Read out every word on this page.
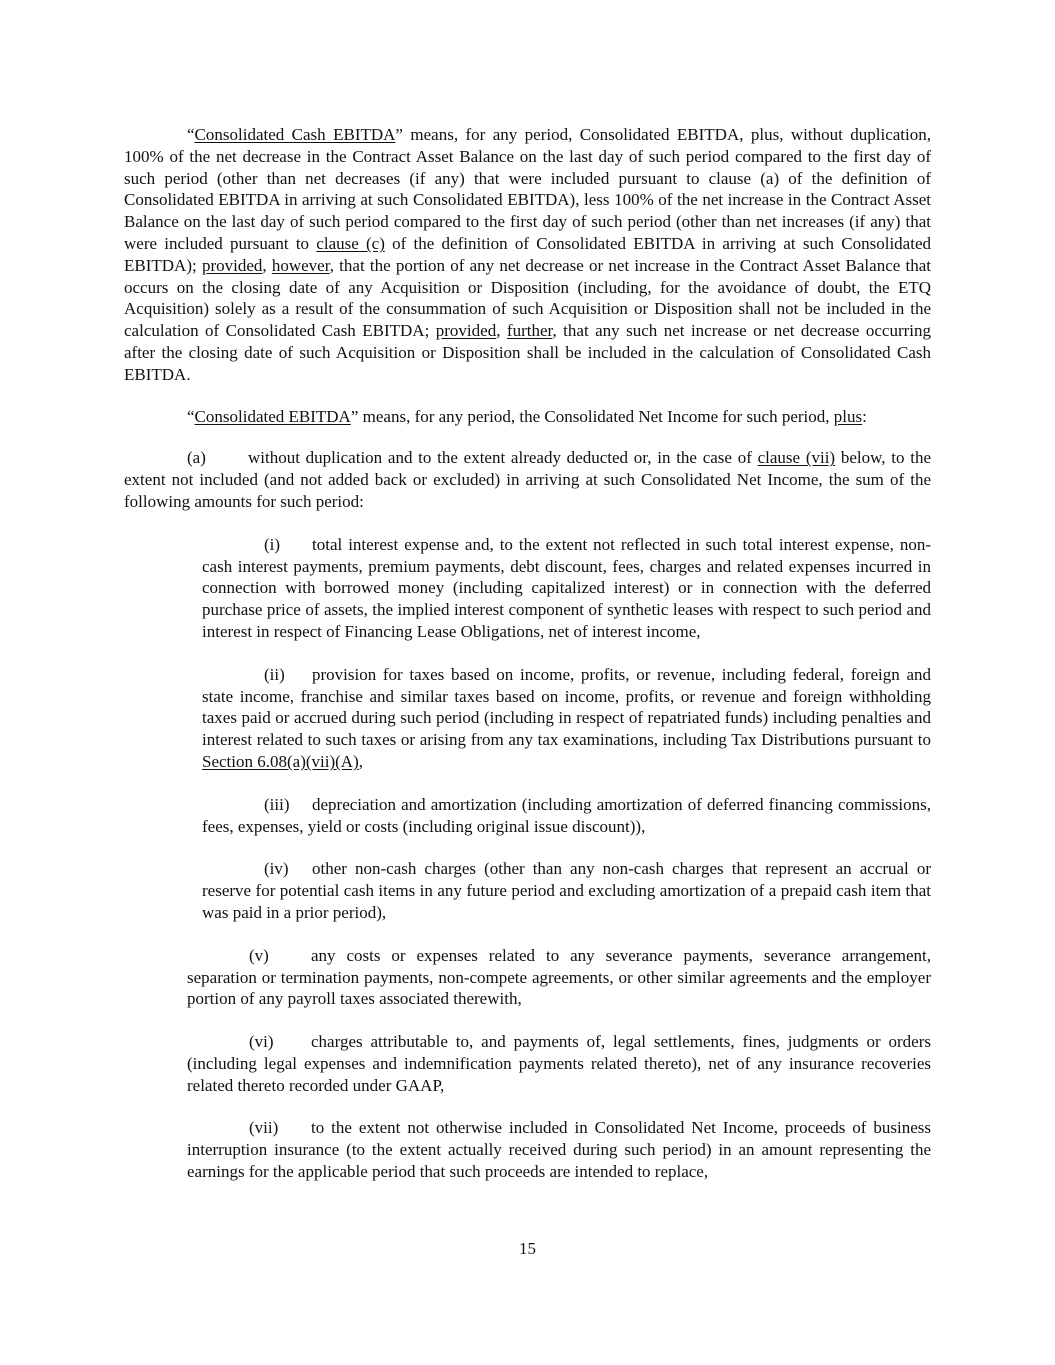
“Consolidated Cash EBITDA” means, for any period, Consolidated EBITDA, plus, without duplication, 100% of the net decrease in the Contract Asset Balance on the last day of such period compared to the first day of such period (other than net decreases (if any) that were included pursuant to clause (a) of the definition of Consolidated EBITDA in arriving at such Consolidated EBITDA), less 100% of the net increase in the Contract Asset Balance on the last day of such period compared to the first day of such period (other than net increases (if any) that were included pursuant to clause (c) of the definition of Consolidated EBITDA in arriving at such Consolidated EBITDA); provided, however, that the portion of any net decrease or net increase in the Contract Asset Balance that occurs on the closing date of any Acquisition or Disposition (including, for the avoidance of doubt, the ETQ Acquisition) solely as a result of the consummation of such Acquisition or Disposition shall not be included in the calculation of Consolidated Cash EBITDA; provided, further, that any such net increase or net decrease occurring after the closing date of such Acquisition or Disposition shall be included in the calculation of Consolidated Cash EBITDA.

“Consolidated EBITDA” means, for any period, the Consolidated Net Income for such period, plus:

(a) without duplication and to the extent already deducted or, in the case of clause (vii) below, to the extent not included (and not added back or excluded) in arriving at such Consolidated Net Income, the sum of the following amounts for such period:

(i) total interest expense and, to the extent not reflected in such total interest expense, non-cash interest payments, premium payments, debt discount, fees, charges and related expenses incurred in connection with borrowed money (including capitalized interest) or in connection with the deferred purchase price of assets, the implied interest component of synthetic leases with respect to such period and interest in respect of Financing Lease Obligations, net of interest income,

(ii) provision for taxes based on income, profits, or revenue, including federal, foreign and state income, franchise and similar taxes based on income, profits, or revenue and foreign withholding taxes paid or accrued during such period (including in respect of repatriated funds) including penalties and interest related to such taxes or arising from any tax examinations, including Tax Distributions pursuant to Section 6.08(a)(vii)(A),

(iii) depreciation and amortization (including amortization of deferred financing commissions, fees, expenses, yield or costs (including original issue discount)),

(iv) other non-cash charges (other than any non-cash charges that represent an accrual or reserve for potential cash items in any future period and excluding amortization of a prepaid cash item that was paid in a prior period),

(v) any costs or expenses related to any severance payments, severance arrangement, separation or termination payments, non-compete agreements, or other similar agreements and the employer portion of any payroll taxes associated therewith,

(vi) charges attributable to, and payments of, legal settlements, fines, judgments or orders (including legal expenses and indemnification payments related thereto), net of any insurance recoveries related thereto recorded under GAAP,

(vii) to the extent not otherwise included in Consolidated Net Income, proceeds of business interruption insurance (to the extent actually received during such period) in an amount representing the earnings for the applicable period that such proceeds are intended to replace,

15
